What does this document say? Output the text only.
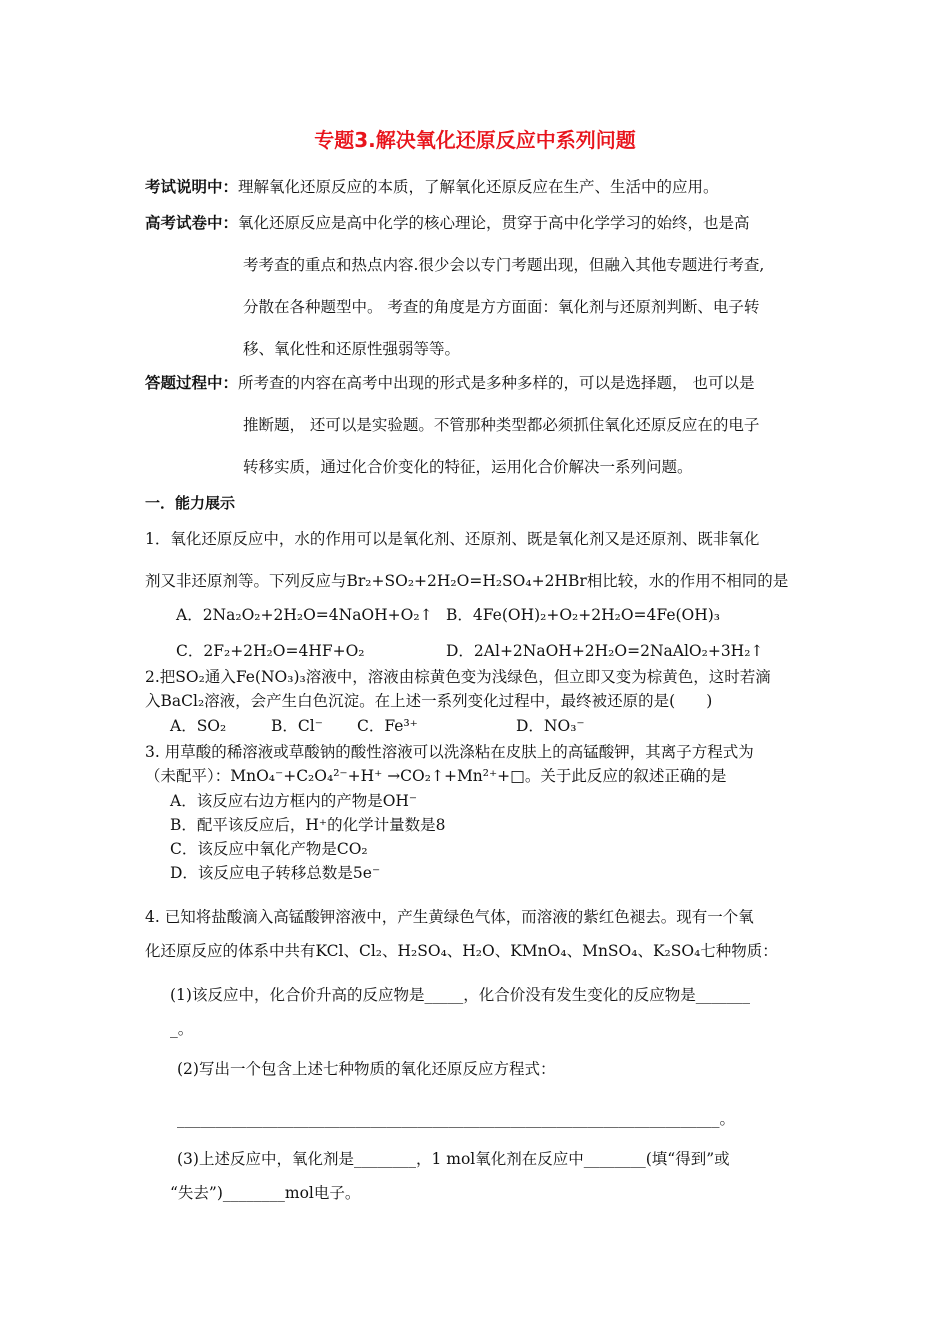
专题3.解决氧化还原反应中系列问题
考试说明中：理解氧化还原反应的本质，了解氧化还原反应在生产、生活中的应用。
高考试卷中：氧化还原反应是高中化学的核心理论，贯穿于高中化学学习的始终，也是高
考考查的重点和热点内容.很少会以专门考题出现，但融入其他专题进行考查,
分散在各种题型中。 考查的角度是方方面面：氧化剂与还原剂判断、电子转
移、氧化性和还原性强弱等等。
答题过程中：所考查的内容在高考中出现的形式是多种多样的，可以是选择题， 也可以是
推断题， 还可以是实验题。不管那种类型都必须抓住氧化还原反应在的电子
转移实质，通过化合价变化的特征，运用化合价解决一系列问题。
一．能力展示
1．氧化还原反应中，水的作用可以是氧化剂、还原剂、既是氧化剂又是还原剂、既非氧化
剂又非还原剂等。下列反应与Br₂+SO₂+2H₂O=H₂SO₄+2HBr相比较，水的作用不相同的是
A．2Na₂O₂+2H₂O=4NaOH+O₂↑ B．4Fe(OH)₂+O₂+2H₂O=4Fe(OH)₃
C．2F₂+2H₂O=4HF+O₂	D．2Al+2NaOH+2H₂O=2NaAlO₂+3H₂↑
2.把SO₂通入Fe(NO₃)₃溶液中，溶液由棕黄色变为浅绿色，但立即又变为棕黄色，这时若滴
入BaCl₂溶液，会产生白色沉淀。在上述一系列变化过程中，最终被还原的是(　　)
A．SO₂	B．Cl⁻ C．Fe³⁺	D．NO₃⁻
3. 用草酸的稀溶液或草酸钠的酸性溶液可以洗涤粘在皮肤上的高锰酸钾，其离子方程式为
（未配平）：MnO₄⁻+C₂O₄²⁻+H⁺ →CO₂↑+Mn²⁺+□。关于此反应的叙述正确的是
A．该反应右边方框内的产物是OH⁻
B．配平该反应后，H⁺的化学计量数是8
C．该反应中氧化产物是CO₂
D．该反应电子转移总数是5e⁻
4. 已知将盐酸滴入高锰酸钾溶液中，产生黄绿色气体，而溶液的紫红色褪去。现有一个氧
化还原反应的体系中共有KCl、Cl₂、H₂SO₄、H₂O、KMnO₄、MnSO₄、K₂SO₄七种物质：
(1)该反应中，化合价升高的反应物是_____，化合价没有发生变化的反应物是_______
_。
(2)写出一个包含上述七种物质的氧化还原反应方程式：
______________________________________________________________________。
(3)上述反应中，氧化剂是________，1 mol氧化剂在反应中________(填“得到”或
“失去”)________mol电子。
